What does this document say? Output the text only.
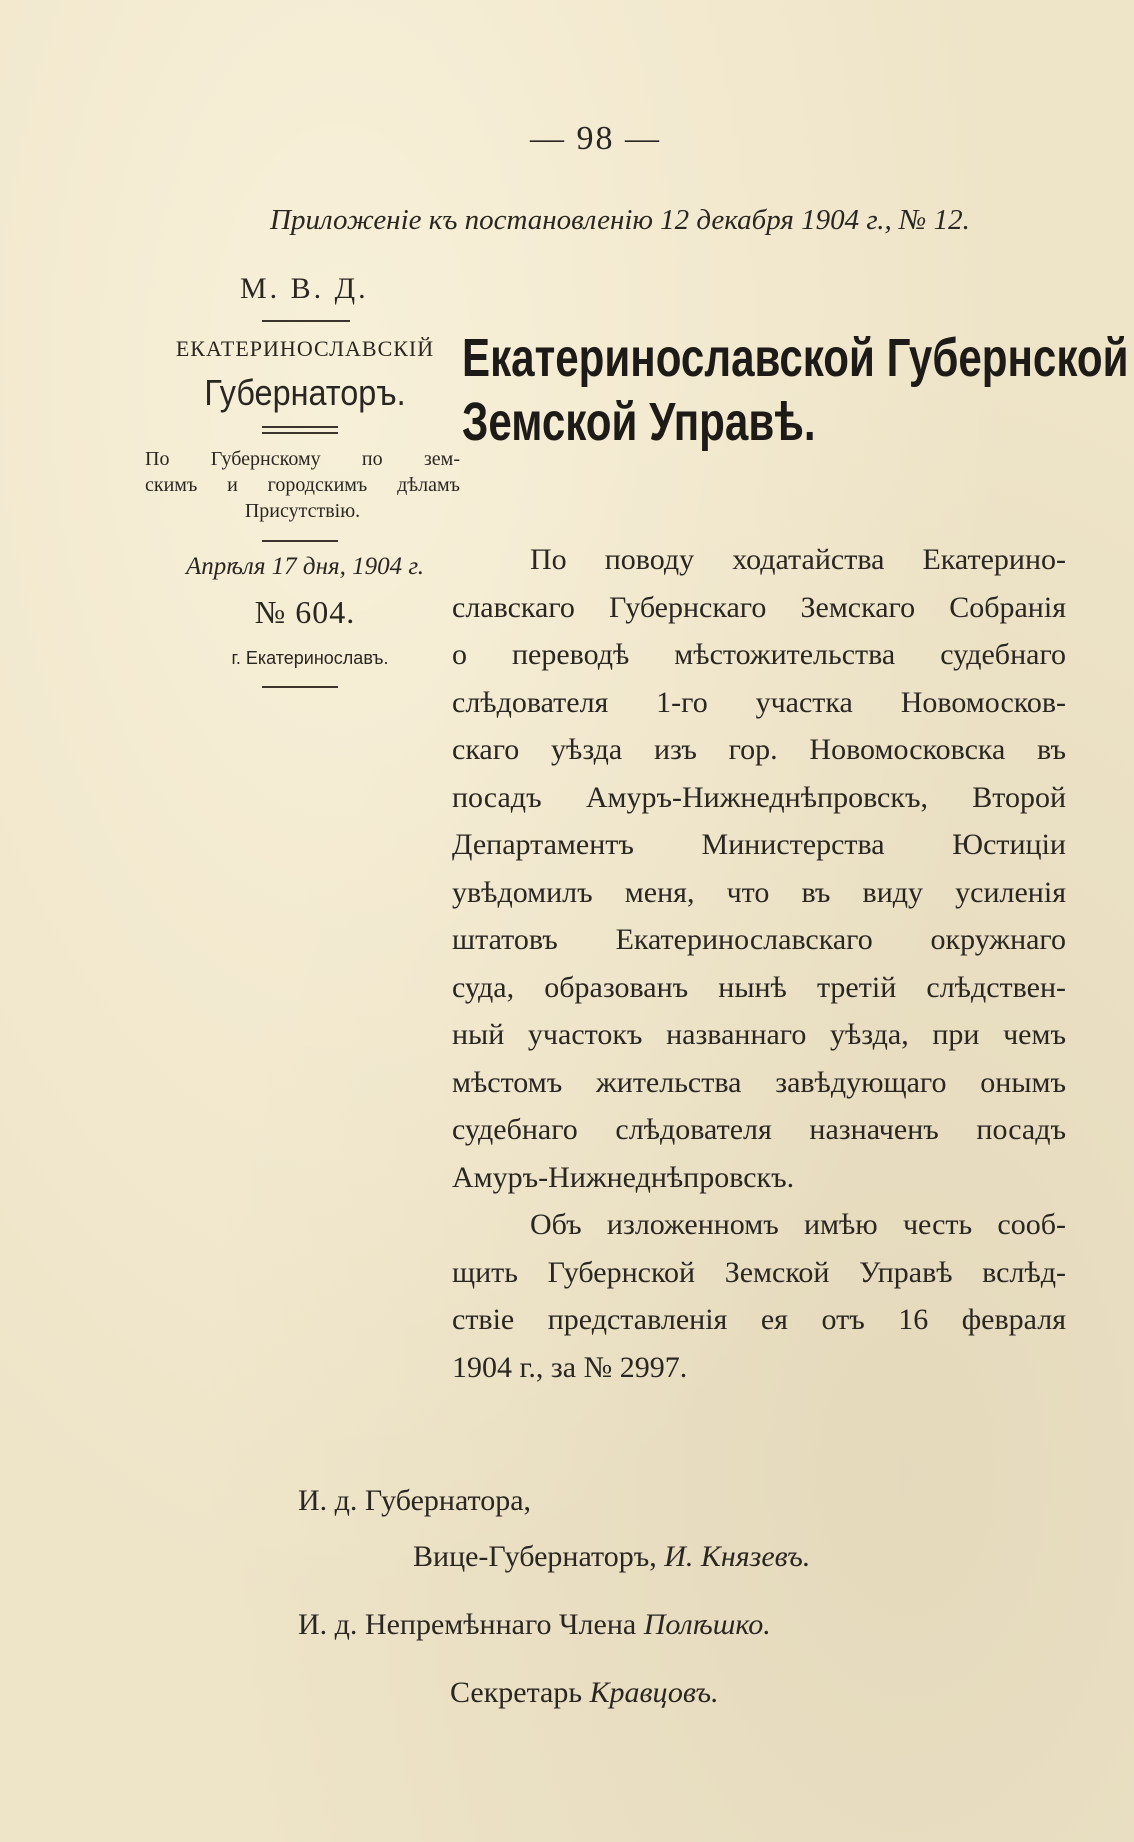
— 98 —
Приложеніе къ постановленію 12 декабря 1904 г., № 12.
М. В. Д.
ЕКАТЕРИНОСЛАВСКІЙ
Губернаторъ.
По Губернскому по зем-
скимъ и городскимъ дѣламъ
Присутствію.
Апрѣля 17 дня, 1904 г.
№ 604.
г. Екатеринославъ.
Екатеринославской Губернской
Земской Управѣ.
По поводу ходатайства Екатерино-
славскаго Губернскаго Земскаго Собранія
о переводѣ мѣстожительства судебнаго
слѣдователя 1-го участка Новомосков-
скаго уѣзда изъ гор. Новомосковска въ
посадъ Амуръ-Нижнеднѣпровскъ, Второй
Департаментъ Министерства Юстиціи
увѣдомилъ меня, что въ виду усиленія
штатовъ Екатеринославскаго окружнаго
суда, образованъ нынѣ третій слѣдствен-
ный участокъ названнаго уѣзда, при чемъ
мѣстомъ жительства завѣдующаго онымъ
судебнаго слѣдователя назначенъ посадъ
Амуръ-Нижнеднѣпровскъ.
Объ изложенномъ имѣю честь сооб-
щить Губернской Земской Управѣ вслѣд-
ствіе представленія ея отъ 16 февраля
1904 г., за № 2997.
И. д. Губернатора,
Вице-Губернаторъ, И. Князевъ.
И. д. Непремѣннаго Члена Полѣшко.
Секретарь Кравцовъ.
